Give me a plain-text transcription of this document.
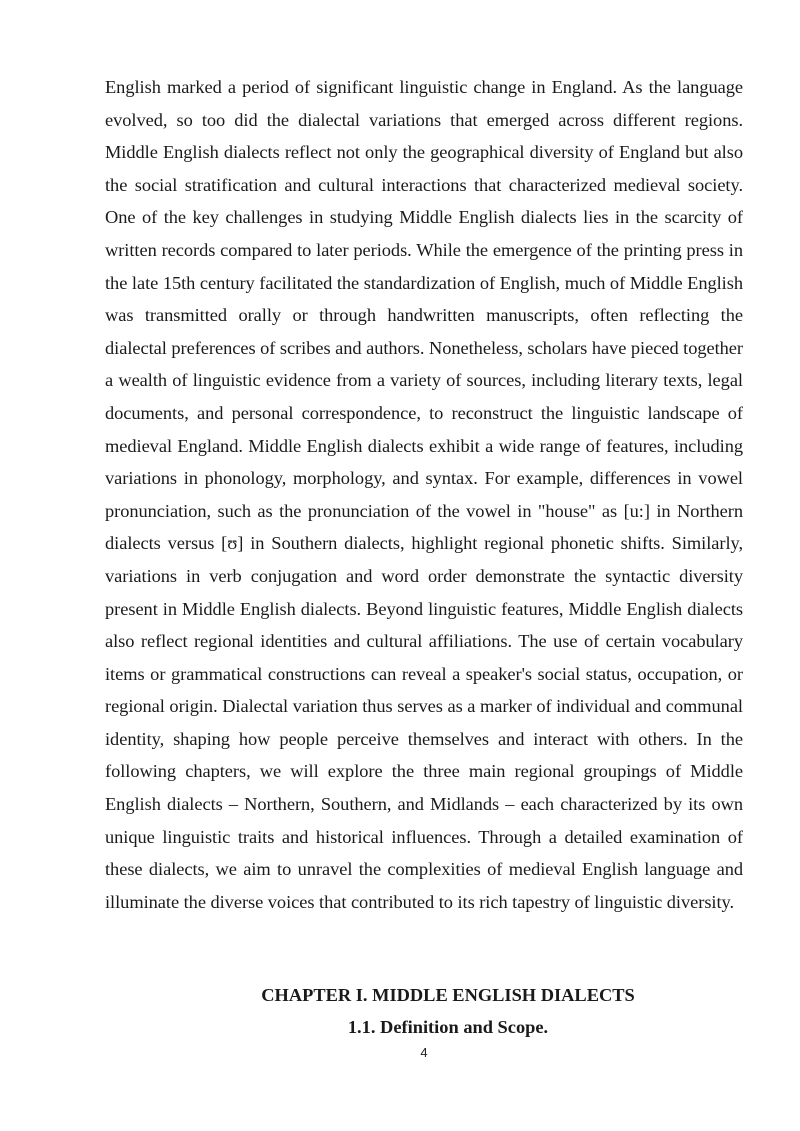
English marked a period of significant linguistic change in England. As the language evolved, so too did the dialectal variations that emerged across different regions. Middle English dialects reflect not only the geographical diversity of England but also the social stratification and cultural interactions that characterized medieval society. One of the key challenges in studying Middle English dialects lies in the scarcity of written records compared to later periods. While the emergence of the printing press in the late 15th century facilitated the standardization of English, much of Middle English was transmitted orally or through handwritten manuscripts, often reflecting the dialectal preferences of scribes and authors. Nonetheless, scholars have pieced together a wealth of linguistic evidence from a variety of sources, including literary texts, legal documents, and personal correspondence, to reconstruct the linguistic landscape of medieval England. Middle English dialects exhibit a wide range of features, including variations in phonology, morphology, and syntax. For example, differences in vowel pronunciation, such as the pronunciation of the vowel in "house" as [u:] in Northern dialects versus [ʊ] in Southern dialects, highlight regional phonetic shifts. Similarly, variations in verb conjugation and word order demonstrate the syntactic diversity present in Middle English dialects. Beyond linguistic features, Middle English dialects also reflect regional identities and cultural affiliations. The use of certain vocabulary items or grammatical constructions can reveal a speaker's social status, occupation, or regional origin. Dialectal variation thus serves as a marker of individual and communal identity, shaping how people perceive themselves and interact with others. In the following chapters, we will explore the three main regional groupings of Middle English dialects – Northern, Southern, and Midlands – each characterized by its own unique linguistic traits and historical influences. Through a detailed examination of these dialects, we aim to unravel the complexities of medieval English language and illuminate the diverse voices that contributed to its rich tapestry of linguistic diversity.

CHAPTER I. MIDDLE ENGLISH DIALECTS
1.1. Definition and Scope.
4
